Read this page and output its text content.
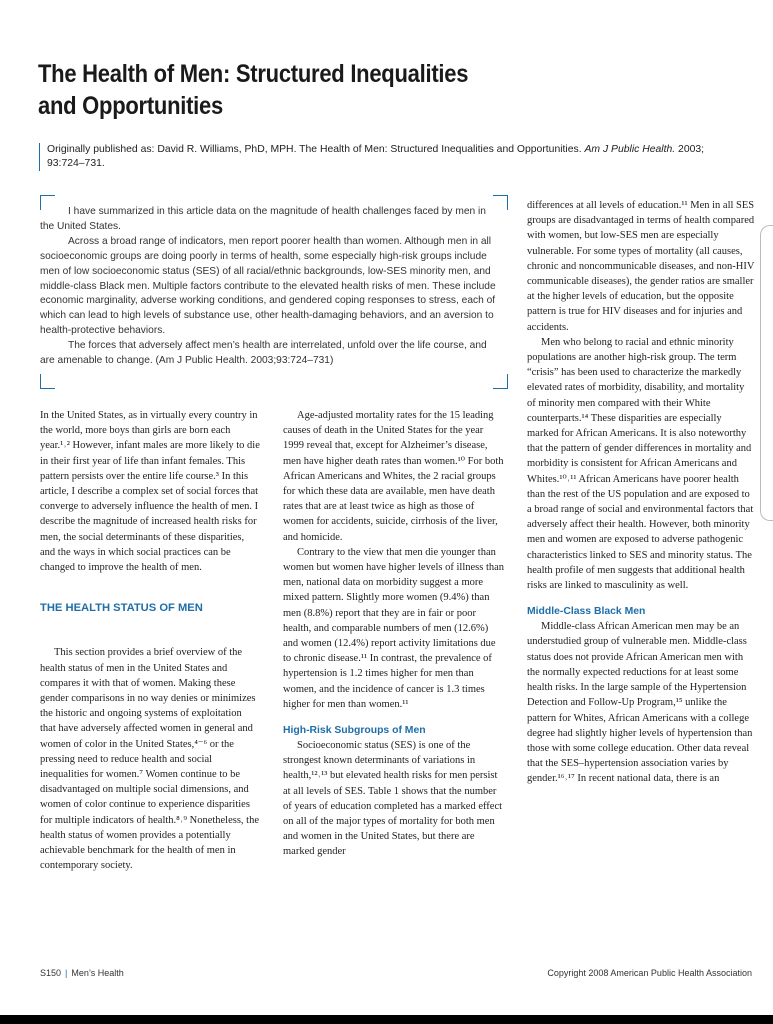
The Health of Men: Structured Inequalities
and Opportunities
Originally published as: David R. Williams, PhD, MPH. The Health of Men: Structured Inequalities and Opportunities. Am J Public Health. 2003;
93:724–731.

I have summarized in this article data on the magnitude of health challenges faced by men in the United States.

Across a broad range of indicators, men report poorer health than women. Although men in all socioeconomic groups are doing poorly in terms of health, some especially high-risk groups include men of low socioeconomic status (SES) of all racial/ethnic backgrounds, low-SES minority men, and middle-class Black men. Multiple factors contribute to the elevated health risks of men. These include economic marginality, adverse working conditions, and gendered coping responses to stress, each of which can lead to high levels of substance use, other health-damaging behaviors, and an aversion to health-protective behaviors.

The forces that adversely affect men’s health are interrelated, unfold over the life course, and are amenable to change. (Am J Public Health. 2003;93:724–731)

In the United States, as in virtually every country in the world, more boys than girls are born each year.¹˒² However, infant males are more likely to die in their first year of life than infant females. This pattern persists over the entire life course.³ In this article, I describe a complex set of social forces that converge to adversely influence the health of men. I describe the magnitude of increased health risks for men, the social determinants of these disparities, and the ways in which social practices can be changed to improve the health of men.

THE HEALTH STATUS OF MEN

This section provides a brief overview of the health status of men in the United States and compares it with that of women. Making these gender comparisons in no way denies or minimizes the historic and ongoing systems of exploitation that have adversely affected women in general and women of color in the United States,⁴⁻⁶ or the pressing need to reduce health and social inequalities for women.⁷ Women continue to be disadvantaged on multiple social dimensions, and women of color continue to experience disparities for multiple indicators of health.⁸˒⁹ Nonetheless, the health status of women provides a potentially achievable benchmark for the health of men in contemporary society.

Age-adjusted mortality rates for the 15 leading causes of death in the United States for the year 1999 reveal that, except for Alzheimer’s disease, men have higher death rates than women.¹⁰ For both African Americans and Whites, the 2 racial groups for which these data are available, men have death rates that are at least twice as high as those of women for accidents, suicide, cirrhosis of the liver, and homicide.

Contrary to the view that men die younger than women but women have higher levels of illness than men, national data on morbidity suggest a more mixed pattern. Slightly more women (9.4%) than men (8.8%) report that they are in fair or poor health, and comparable numbers of men (12.6%) and women (12.4%) report activity limitations due to chronic disease.¹¹ In contrast, the prevalence of hypertension is 1.2 times higher for men than women, and the incidence of cancer is 1.3 times higher for men than women.¹¹

High-Risk Subgroups of Men

Socioeconomic status (SES) is one of the strongest known determinants of variations in health,¹²˒¹³ but elevated health risks for men persist at all levels of SES. Table 1 shows that the number of years of education completed has a marked effect on all of the major types of mortality for both men and women in the United States, but there are marked gender

differences at all levels of education.¹¹ Men in all SES groups are disadvantaged in terms of health compared with women, but low-SES men are especially vulnerable. For some types of mortality (all causes, chronic and noncommunicable diseases, and non-HIV communicable diseases), the gender ratios are smaller at the higher levels of education, but the opposite pattern is true for HIV diseases and for injuries and accidents.

Men who belong to racial and ethnic minority populations are another high-risk group. The term “crisis” has been used to characterize the markedly elevated rates of morbidity, disability, and mortality of minority men compared with their White counterparts.¹⁴ These disparities are especially marked for African Americans. It is also noteworthy that the pattern of gender differences in mortality and morbidity is consistent for African Americans and Whites.¹⁰˒¹¹ African Americans have poorer health than the rest of the US population and are exposed to a broad range of social and environmental factors that adversely affect their health. However, both minority men and women are exposed to adverse pathogenic characteristics linked to SES and minority status. The health profile of men suggests that additional health risks are linked to masculinity as well.

Middle-Class Black Men

Middle-class African American men may be an understudied group of vulnerable men. Middle-class status does not provide African American men with the normally expected reductions for at least some health risks. In the large sample of the Hypertension Detection and Follow-Up Program,¹⁵ unlike the pattern for Whites, African Americans with a college degree had slightly higher levels of hypertension than those with some college education. Other data reveal that the SES–hypertension association varies by gender.¹⁶˒¹⁷ In recent national data, there is an

S150 | Men’s Health	Copyright 2008 American Public Health Association
